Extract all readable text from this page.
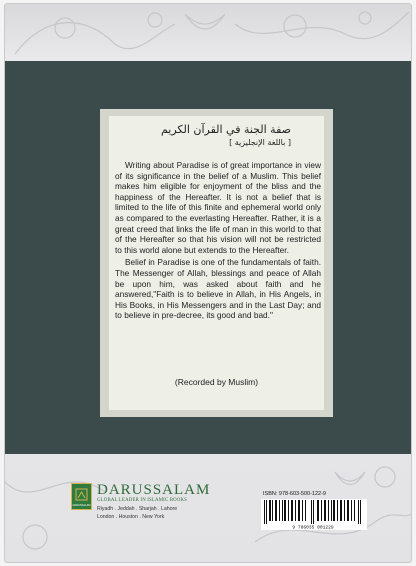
صفة الجنة في القرآن الكريم
[ باللغة الإنجليزية ]

Writing about Paradise is of great importance in view of its significance in the belief of a Muslim. This belief makes him eligible for enjoyment of the bliss and the happiness of the Hereafter. It is not a belief that is limited to the life of this finite and ephemeral world only as compared to the everlasting Hereafter. Rather, it is a great creed that links the life of man in this world to that of the Hereafter so that his vision will not be restricted to this world alone but extends to the Hereafter.

Belief in Paradise is one of the fundamentals of faith. The Messenger of Allah, blessings and peace of Allah be upon him, was asked about faith and he answered,"Faith is to believe in Allah, in His Angels, in His Books, in His Messengers and in the Last Day; and to believe in pre-decree, its good and bad."

(Recorded by Muslim)
DARUSSALAM
DARUSSALAM
GLOBAL LEADER IN ISLAMIC BOOKS
Riyadh . Jeddah . Sharjah . Lahore
London . Houston . New York
ISBN: 978-603-500-122-9
9 786035 001229
